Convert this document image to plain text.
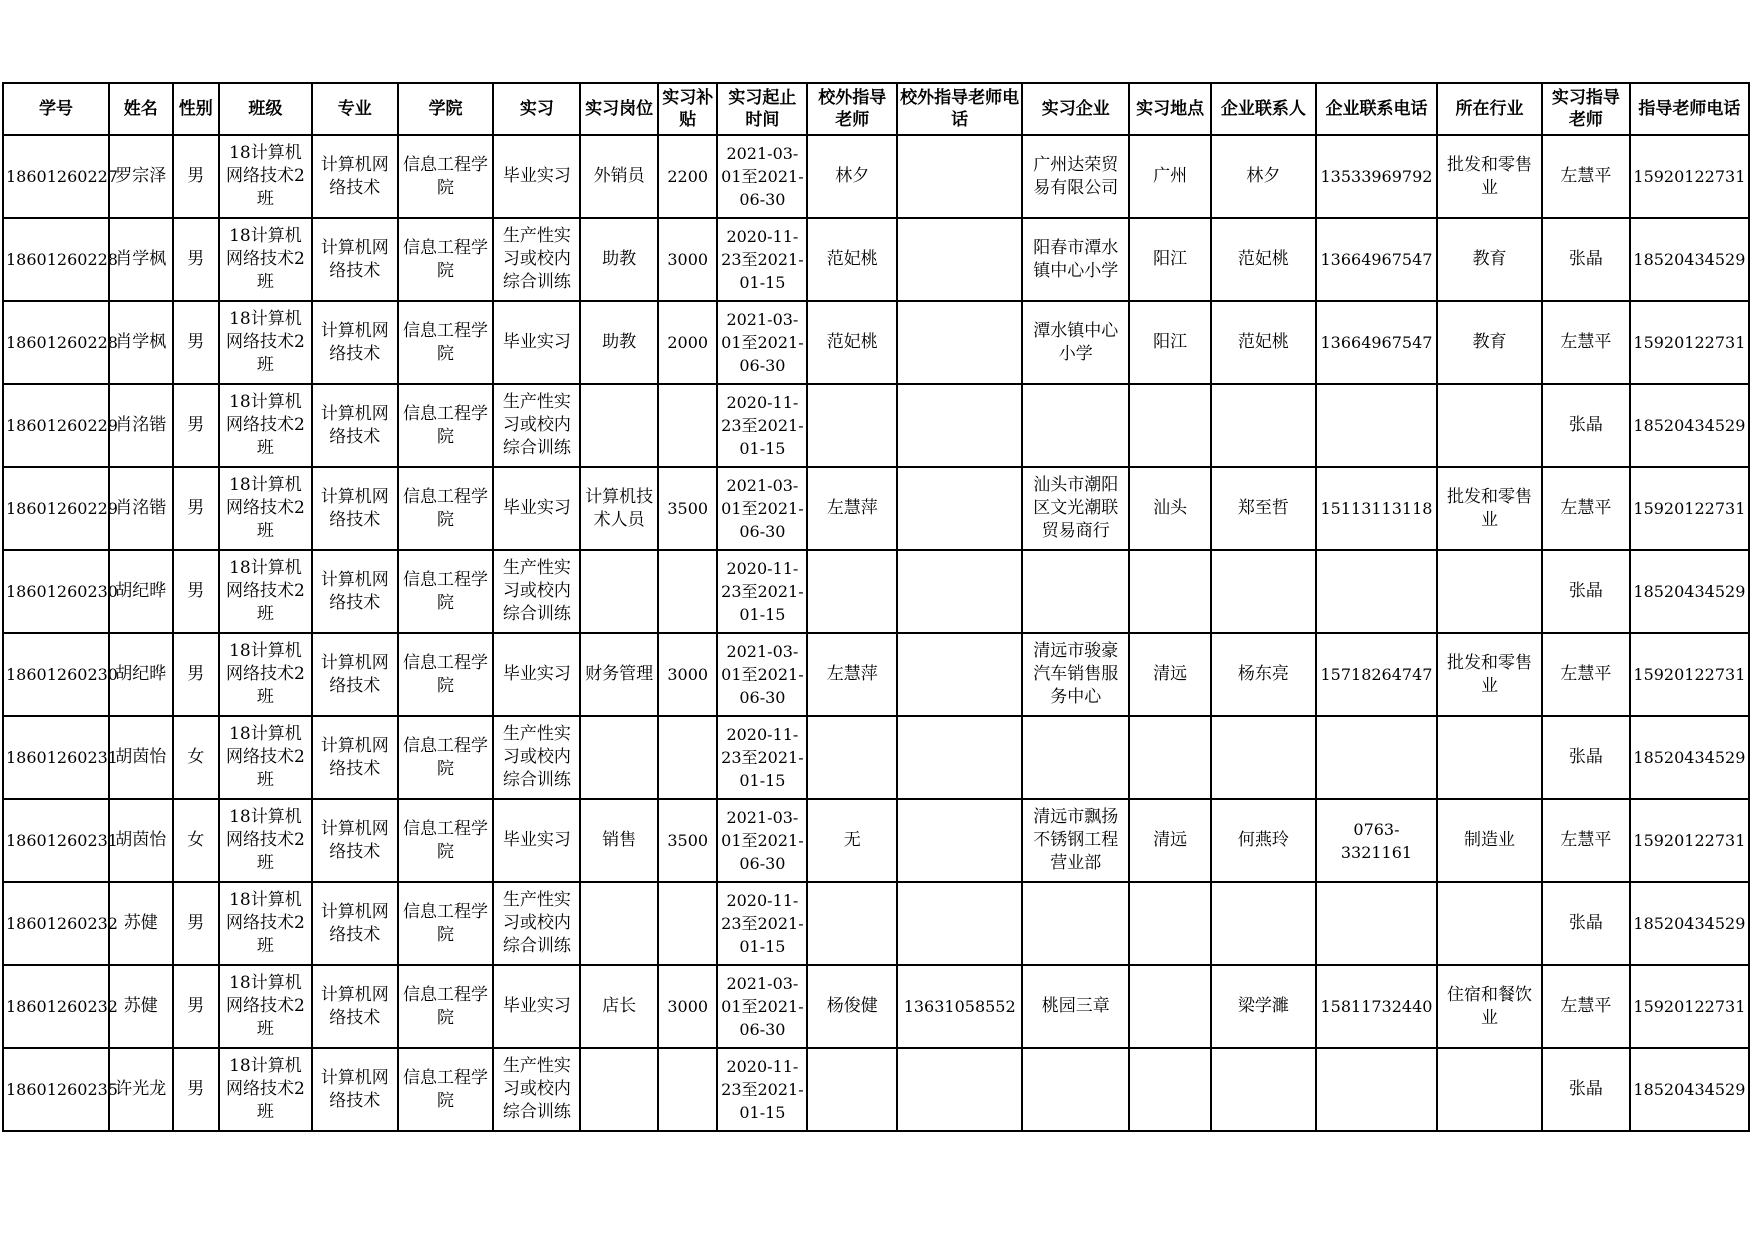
学号	姓名	性别	班级	专业	学院	实习	实习岗位	实习补贴	实习起止时间	校外指导老师	校外指导老师电话	实习企业	实习地点	企业联系人	企业联系电话	所在行业	实习指导老师	指导老师电话

18601260227	罗宗泽	男	18计算机网络技术2班	计算机网络技术	信息工程学院	毕业实习	外销员	2200	2021-03-01至2021-06-30	林夕		广州达荣贸易有限公司	广州	林夕	13533969792	批发和零售业	左慧平	15920122731

18601260228	肖学枫	男	18计算机网络技术2班	计算机网络技术	信息工程学院	生产性实习或校内综合训练	助教	3000	2020-11-23至2021-01-15	范妃桃		阳春市潭水镇中心小学	阳江	范妃桃	13664967547	教育	张晶	18520434529

18601260228	肖学枫	男	18计算机网络技术2班	计算机网络技术	信息工程学院	毕业实习	助教	2000	2021-03-01至2021-06-30	范妃桃		潭水镇中心小学	阳江	范妃桃	13664967547	教育	左慧平	15920122731

18601260229	肖洺锴	男	18计算机网络技术2班	计算机网络技术	信息工程学院	生产性实习或校内综合训练			2020-11-23至2021-01-15								张晶	18520434529

18601260229	肖洺锴	男	18计算机网络技术2班	计算机网络技术	信息工程学院	毕业实习	计算机技术人员	3500	2021-03-01至2021-06-30	左慧萍		汕头市潮阳区文光潮联贸易商行	汕头	郑至哲	15113113118	批发和零售业	左慧平	15920122731

18601260230	胡纪晔	男	18计算机网络技术2班	计算机网络技术	信息工程学院	生产性实习或校内综合训练			2020-11-23至2021-01-15								张晶	18520434529

18601260230	胡纪晔	男	18计算机网络技术2班	计算机网络技术	信息工程学院	毕业实习	财务管理	3000	2021-03-01至2021-06-30	左慧萍		清远市骏豪汽车销售服务中心	清远	杨东亮	15718264747	批发和零售业	左慧平	15920122731

18601260231	胡茵怡	女	18计算机网络技术2班	计算机网络技术	信息工程学院	生产性实习或校内综合训练			2020-11-23至2021-01-15								张晶	18520434529

18601260231	胡茵怡	女	18计算机网络技术2班	计算机网络技术	信息工程学院	毕业实习	销售	3500	2021-03-01至2021-06-30	无		清远市飘扬不锈钢工程营业部	清远	何燕玲	0763-3321161	制造业	左慧平	15920122731

18601260232	苏健	男	18计算机网络技术2班	计算机网络技术	信息工程学院	生产性实习或校内综合训练			2020-11-23至2021-01-15								张晶	18520434529

18601260232	苏健	男	18计算机网络技术2班	计算机网络技术	信息工程学院	毕业实习	店长	3000	2021-03-01至2021-06-30	杨俊健	13631058552	桃园三章		梁学濉	15811732440	住宿和餐饮业	左慧平	15920122731

18601260235	许光龙	男	18计算机网络技术2班	计算机网络技术	信息工程学院	生产性实习或校内综合训练			2020-11-23至2021-01-15								张晶	18520434529
